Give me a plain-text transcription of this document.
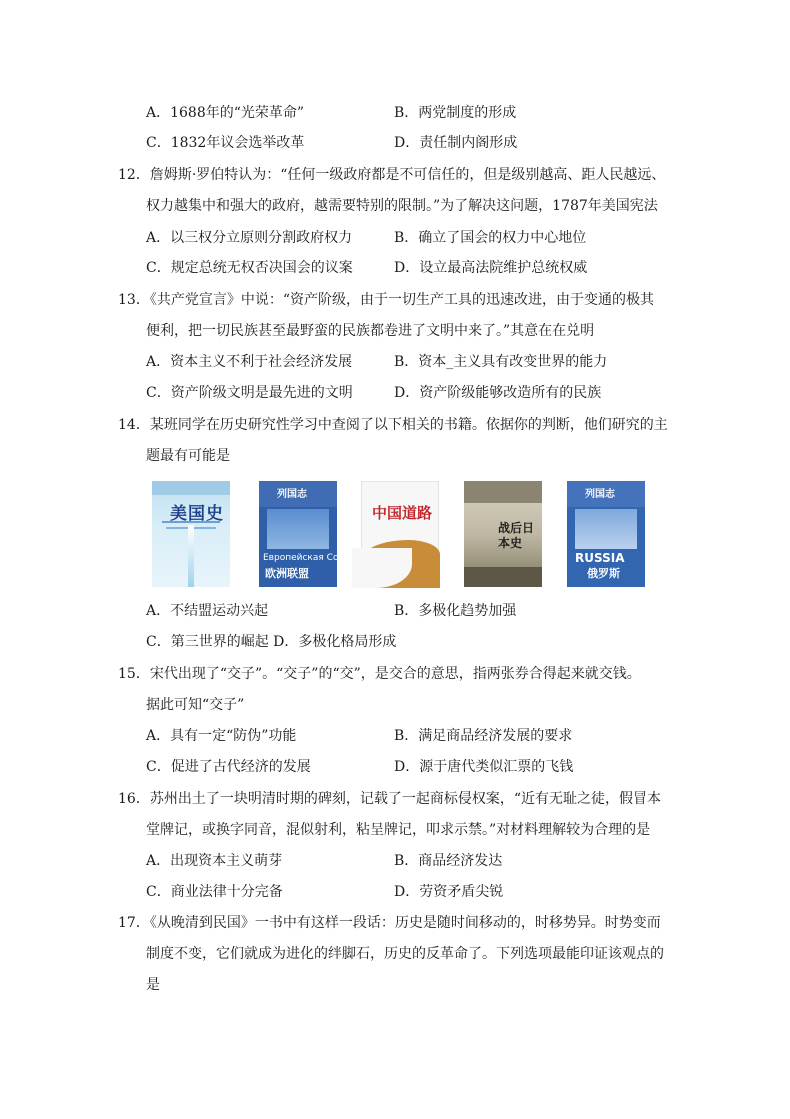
A．1688年的“光荣革命”	B．两党制度的形成
C．1832年议会选举改革	D．责任制内阁形成
12．詹姆斯·罗伯特认为：“任何一级政府都是不可信任的，但是级别越高、距人民越远、
权力越集中和强大的政府，越需要特别的限制。”为了解决这问题，1787年美国宪法
A．以三权分立原则分割政府权力	B．确立了国会的权力中心地位
C．规定总统无权否决国会的议案	D．设立最高法院维护总统权威
13．《共产党宣言》中说：“资产阶级，由于一切生产工具的迅速改进，由于变通的极其
便利，把一切民族甚至最野蛮的民族都卷进了文明中来了。”其意在在兑明
A．资本主义不利于社会经济发展	B．资本_主义具有改变世界的能力
C．资产阶级文明是最先进的文明	D．资产阶级能够改造所有的民族
14．某班同学在历史研究性学习中查阅了以下相关的书籍。依据你的判断，他们研究的主
题最有可能是
美国史
列国志
Европейская Союз
欧洲联盟
中国道路
战后日本史
列国志
RUSSIA
俄罗斯
A．不结盟运动兴起	B．多极化趋势加强
C．第三世界的崛起 D．多极化格局形成
15．宋代出现了“交子”。“交子”的“交”，是交合的意思，指两张券合得起来就交钱。
据此可知“交子”
A．具有一定“防伪”功能	B．满足商品经济发展的要求
C．促进了古代经济的发展	D．源于唐代类似汇票的飞钱
16．苏州出土了一块明清时期的碑刻，记载了一起商标侵权案，“近有无耻之徒，假冒本
堂牌记，或换字同音，混似射利，粘呈牌记，叩求示禁。”对材料理解较为合理的是
A．出现资本主义萌芽	B．商品经济发达
C．商业法律十分完备	D．劳资矛盾尖锐
17．《从晚清到民国》一书中有这样一段话：历史是随时间移动的，时移势异。时势变而
制度不变，它们就成为进化的绊脚石，历史的反革命了。下列选项最能印证该观点的
是
